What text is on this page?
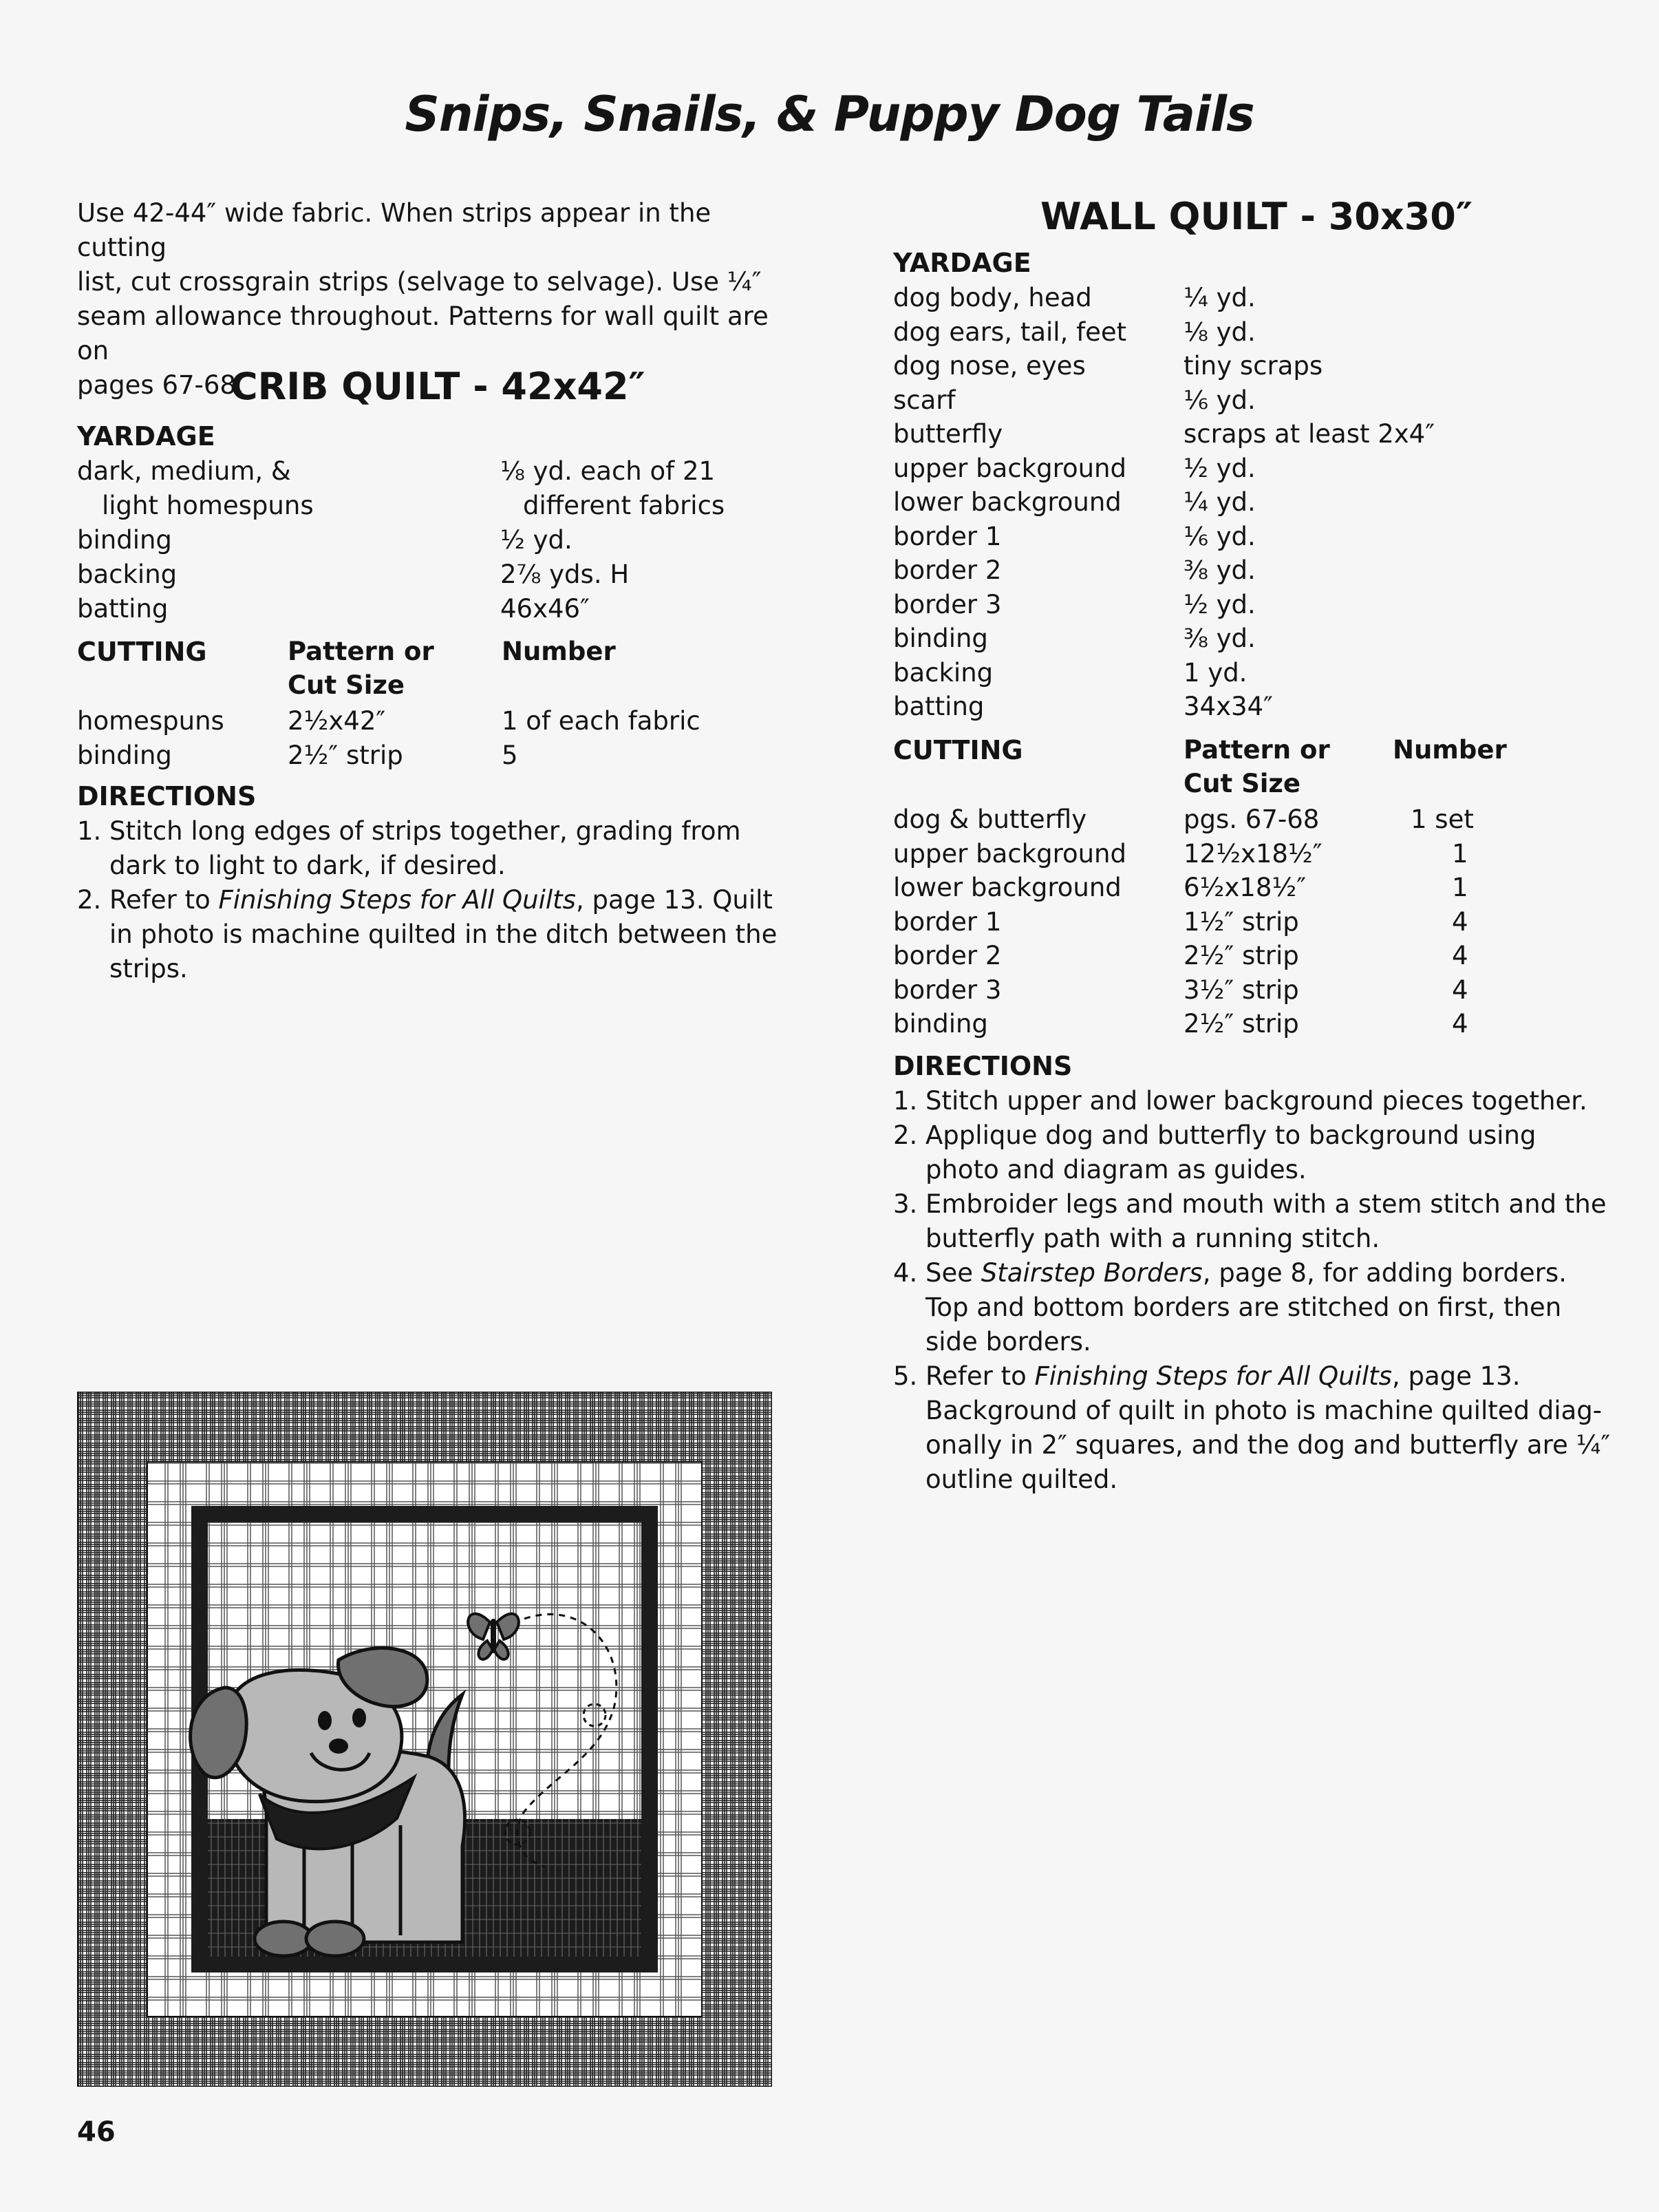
Snips, Snails, & Puppy Dog Tails
Use 42-44″ wide fabric. When strips appear in the cutting
list, cut crossgrain strips (selvage to selvage). Use ¼″
seam allowance throughout. Patterns for wall quilt are on
pages 67-68.
CRIB QUILT - 42x42″
YARDAGE
dark, medium, &	⅛ yd. each of 21
light homespuns	different fabrics
binding	½ yd.
backing	2⅞ yds. H
batting	46x46″
CUTTING	Pattern or
Cut Size
Number
homespuns 2½x42″	1 of each fabric
binding	2½″ strip	5
DIRECTIONS
1. Stitch long edges of strips together, grading from
dark to light to dark, if desired.
2. Refer to Finishing Steps for All Quilts, page 13. Quilt
in photo is machine quilted in the ditch between the
strips.
WALL QUILT - 30x30″
YARDAGE
dog body, head	¼ yd.
dog ears, tail, feet ⅛ yd.
dog nose, eyes	tiny scraps
scarf	⅙ yd.
butterfly	scraps at least 2x4″
upper background ½ yd.
lower background ¼ yd.
border 1	⅙ yd.
border 2	⅜ yd.
border 3	½ yd.
binding	⅜ yd.
backing	1 yd.
batting	34x34″
CUTTING	Pattern or
Cut Size
Number
dog & butterfly	pgs. 67-68	1 set
upper background 12½x18½″	1
lower background 6½x18½″	1
border 1	1½″ strip	4
border 2	2½″ strip	4
border 3	3½″ strip	4
binding	2½″ strip	4
DIRECTIONS
1. Stitch upper and lower background pieces together.
2. Applique dog and butterfly to background using
photo and diagram as guides.
3. Embroider legs and mouth with a stem stitch and the
butterfly path with a running stitch.
4. See Stairstep Borders, page 8, for adding borders.
Top and bottom borders are stitched on first, then
side borders.
5. Refer to Finishing Steps for All Quilts, page 13.
Background of quilt in photo is machine quilted diag-
onally in 2″ squares, and the dog and butterfly are ¼″
outline quilted.
46
